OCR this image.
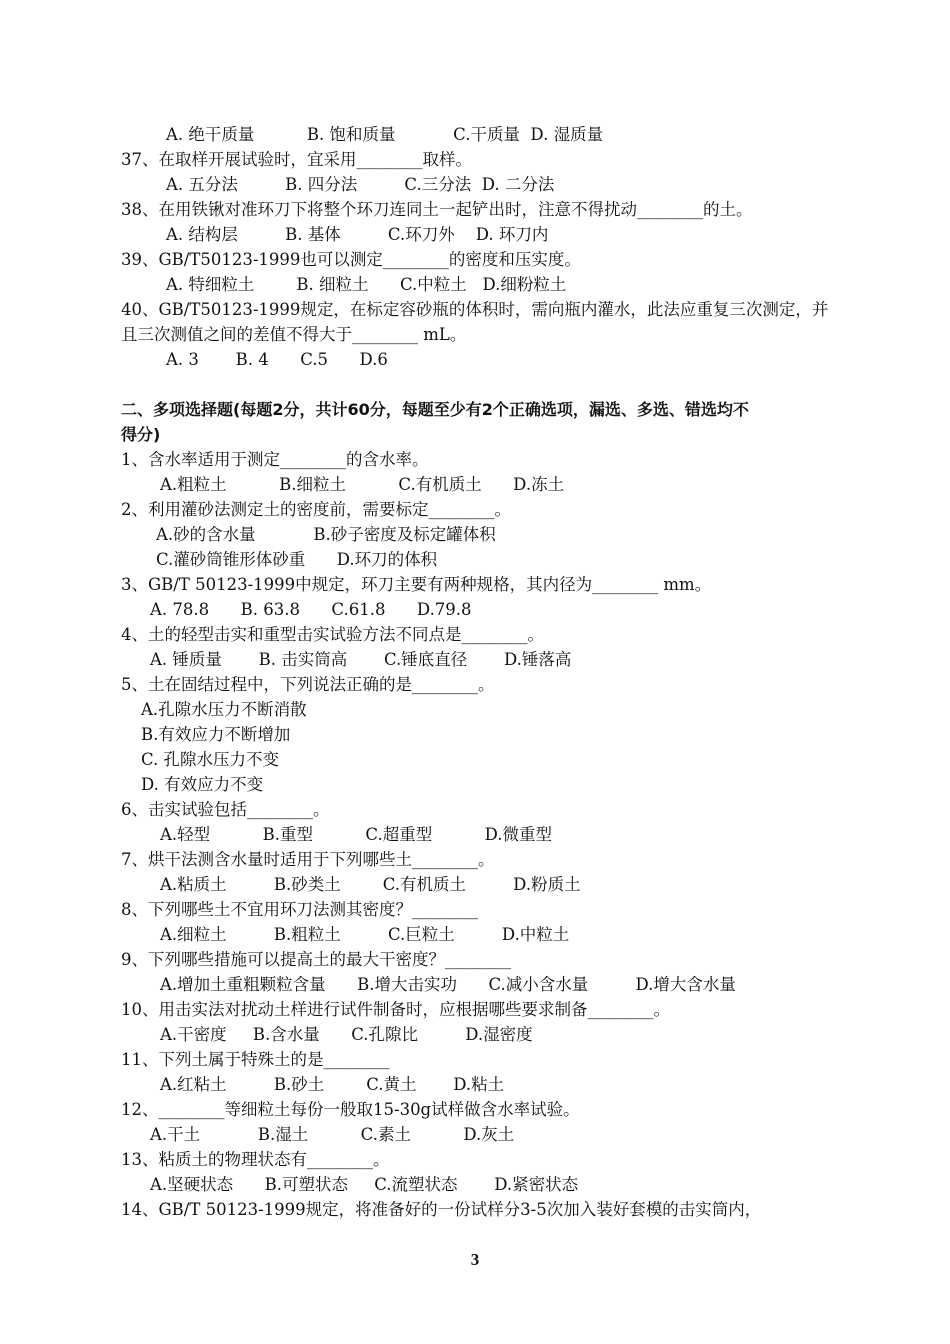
A. 绝干质量          B. 饱和质量           C.干质量  D. 湿质量
37、在取样开展试验时，宜采用________取样。
A. 五分法         B. 四分法         C.三分法  D. 二分法
38、在用铁锹对准环刀下将整个环刀连同土一起铲出时，注意不得扰动________的土。
A. 结构层         B. 基体         C.环刀外    D. 环刀内
39、GB/T50123-1999也可以测定________的密度和压实度。
A. 特细粒土        B. 细粒土      C.中粒土   D.细粉粒土
40、GB/T50123-1999规定，在标定容砂瓶的体积时，需向瓶内灌水，此法应重复三次测定，并
且三次测值之间的差值不得大于________ mL。
A. 3       B. 4      C.5      D.6
二、多项选择题(每题2分，共计60分，每题至少有2个正确选项，漏选、多选、错选均不
得分)
1、含水率适用于测定________的含水率。
A.粗粒土          B.细粒土          C.有机质土      D.冻土
2、利用灌砂法测定土的密度前，需要标定________。
A.砂的含水量           B.砂子密度及标定罐体积
C.灌砂筒锥形体砂重      D.环刀的体积
3、GB/T 50123-1999中规定，环刀主要有两种规格，其内径为________ mm。
A. 78.8      B. 63.8      C.61.8      D.79.8
4、土的轻型击实和重型击实试验方法不同点是________。
A. 锤质量       B. 击实筒高       C.锤底直径       D.锤落高
5、土在固结过程中，下列说法正确的是________。
A.孔隙水压力不断消散
B.有效应力不断增加
C. 孔隙水压力不变
D. 有效应力不变
6、击实试验包括________。
A.轻型          B.重型          C.超重型          D.微重型
7、烘干法测含水量时适用于下列哪些土________。
A.粘质土         B.砂类土        C.有机质土         D.粉质土
8、下列哪些土不宜用环刀法测其密度？________
A.细粒土         B.粗粒土         C.巨粒土         D.中粒土
9、下列哪些措施可以提高土的最大干密度？________
A.增加土重粗颗粒含量      B.增大击实功      C.减小含水量         D.增大含水量
10、用击实法对扰动土样进行试件制备时，应根据哪些要求制备________。
A.干密度     B.含水量      C.孔隙比         D.湿密度
11、下列土属于特殊土的是________
A.红粘土         B.砂土        C.黄土       D.粘土
12、________等细粒土每份一般取15-30g试样做含水率试验。
A.干土           B.湿土          C.素土          D.灰土
13、粘质土的物理状态有________。
A.坚硬状态      B.可塑状态     C.流塑状态       D.紧密状态
14、GB/T 50123-1999规定，将准备好的一份试样分3-5次加入装好套模的击实筒内，
3
